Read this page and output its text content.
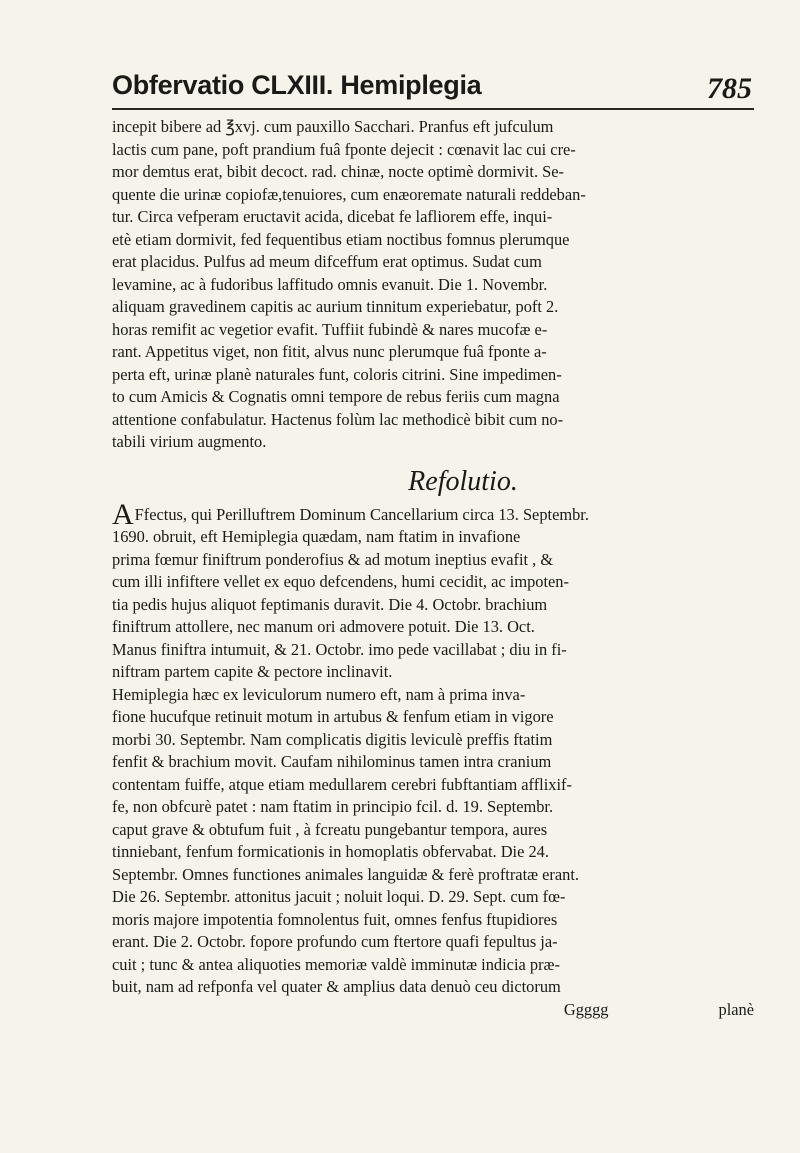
Obfervatio CLXIII. Hemiplegia	785
incepit bibere ad ℥xvj. cum pauxillo Sacchari. Pranfus eft jufculum
lactis cum pane, poft prandium fuâ fponte dejecit : cœnavit lac cui cre-
mor demtus erat, bibit decoct. rad. chinæ, nocte optimè dormivit. Se-
quente die urinæ copiofæ,tenuiores, cum enæoremate naturali reddeban-
tur. Circa vefperam eructavit acida, dicebat fe lafliorem effe, inqui-
etè etiam dormivit, fed fequentibus etiam noctibus fomnus plerumque
erat placidus. Pulfus ad meum difceffum erat optimus. Sudat cum
levamine, ac à fudoribus laffitudo omnis evanuit. Die 1. Novembr.
aliquam gravedinem capitis ac aurium tinnitum experiebatur, poft 2.
horas remifit ac vegetior evafit. Tuffiit fubindè & nares mucofæ e-
rant. Appetitus viget, non fitit, alvus nunc plerumque fuâ fponte a-
perta eft, urinæ planè naturales funt, coloris citrini. Sine impedimen-
to cum Amicis & Cognatis omni tempore de rebus feriis cum magna
attentione confabulatur. Hactenus folùm lac methodicè bibit cum no-
tabili virium augmento.
Refolutio.
AFfectus, qui Perilluftrem Dominum Cancellarium circa 13. Septembr.
1690. obruit, eft Hemiplegia quædam, nam ftatim in invafione
prima fœmur finiftrum ponderofius & ad motum ineptius evafit , &
cum illi infiftere vellet ex equo defcendens, humi cecidit, ac impoten-
tia pedis hujus aliquot feptimanis duravit. Die 4. Octobr. brachium
finiftrum attollere, nec manum ori admovere potuit. Die 13. Oct.
Manus finiftra intumuit, & 21. Octobr. imo pede vacillabat ; diu in fi-
niftram partem capite & pectore inclinavit.
Hemiplegia hæc ex leviculorum numero eft, nam à prima inva-
fione hucufque retinuit motum in artubus & fenfum etiam in vigore
morbi 30. Septembr. Nam complicatis digitis leviculè preffis ftatim
fenfit & brachium movit. Caufam nihilominus tamen intra cranium
contentam fuiffe, atque etiam medullarem cerebri fubftantiam afflixif-
fe, non obfcurè patet : nam ftatim in principio fcil. d. 19. Septembr.
caput grave & obtufum fuit , à fcreatu pungebantur tempora, aures
tinniebant, fenfum formicationis in homoplatis obfervabat. Die 24.
Septembr. Omnes functiones animales languidæ & ferè proftratæ erant.
Die 26. Septembr. attonitus jacuit ; noluit loqui. D. 29. Sept. cum fœ-
moris majore impotentia fomnolentus fuit, omnes fenfus ftupidiores
erant. Die 2. Octobr. fopore profundo cum ftertore quafi fepultus ja-
cuit ; tunc & antea aliquoties memoriæ valdè imminutæ indicia præ-
buit, nam ad refponfa vel quater & amplius data denuò ceu dictorum
Ggggg	planè
